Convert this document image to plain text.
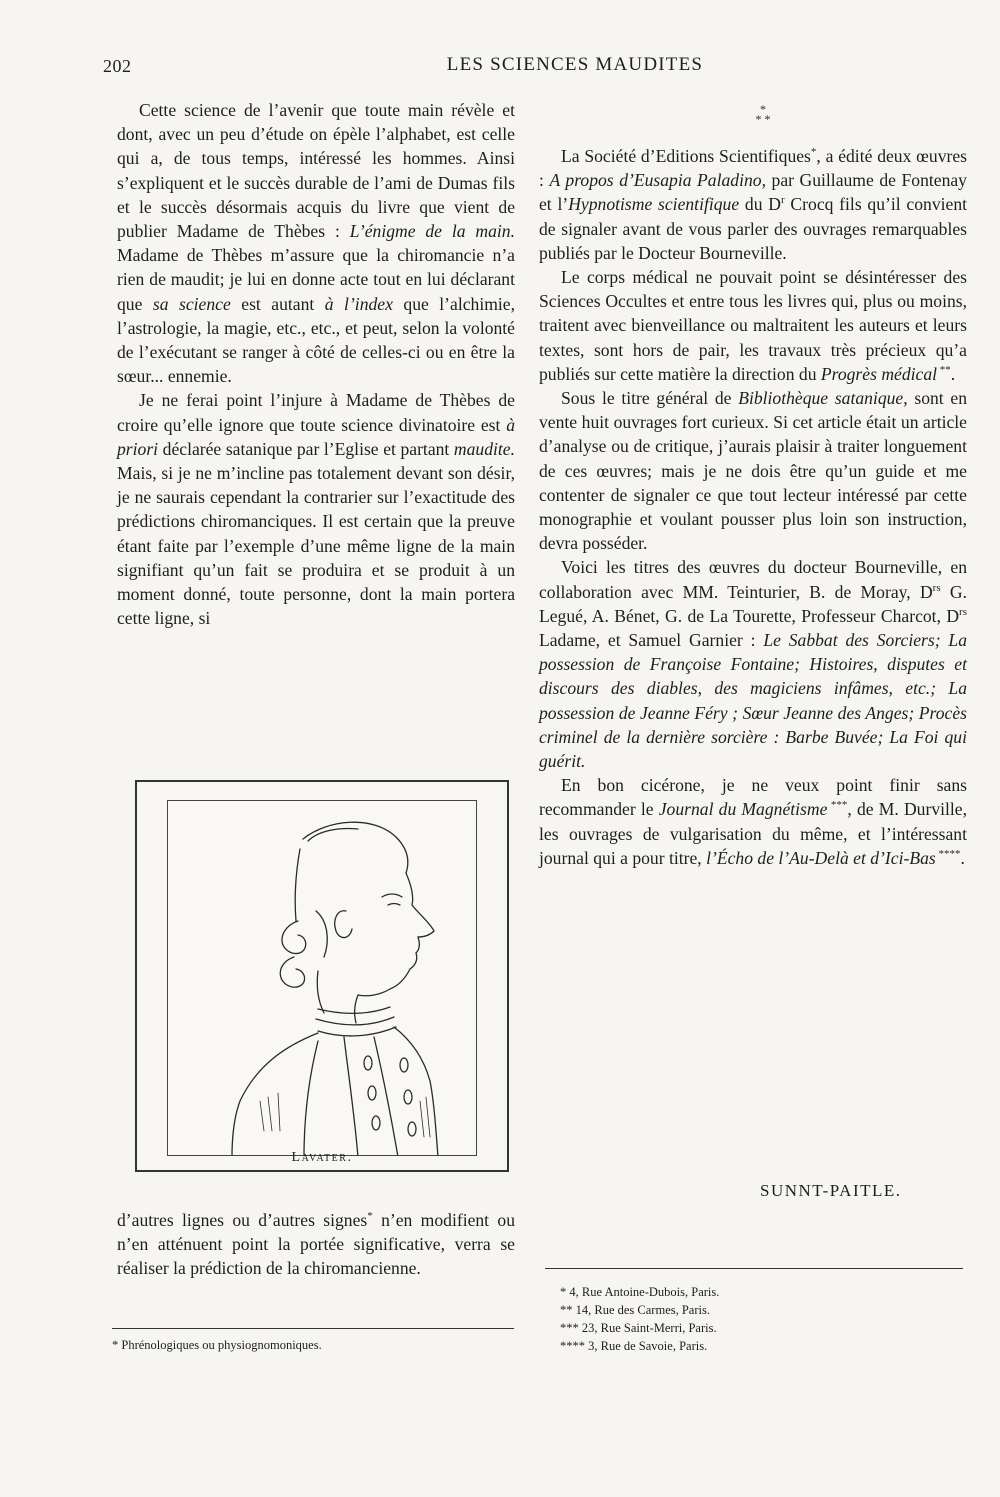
202	LES SCIENCES MAUDITES

Cette science de l’avenir que toute main révèle et dont, avec un peu d’étude on épèle l’alphabet, est celle qui a, de tous temps, intéressé les hommes. Ainsi s’expliquent et le succès durable de l’ami de Dumas fils et le succès désormais acquis du livre que vient de publier Madame de Thèbes : L’énigme de la main. Madame de Thèbes m’assure que la chiromancie n’a rien de maudit; je lui en donne acte tout en lui déclarant que sa science est autant à l’index que l’alchimie, l’astrologie, la magie, etc., etc., et peut, selon la volonté de l’exécutant se ranger à côté de celles-ci ou en être la sœur... ennemie.

Je ne ferai point l’injure à Madame de Thèbes de croire qu’elle ignore que toute science divinatoire est à priori déclarée satanique par l’Eglise et partant maudite. Mais, si je ne m’incline pas totalement devant son désir, je ne saurais cependant la contrarier sur l’exactitude des prédictions chiromanciques. Il est certain que la preuve étant faite par l’exemple d’une même ligne de la main signifiant qu’un fait se produira et se produit à un moment donné, toute personne, dont la main portera cette ligne, si

Lavater.

d’autres lignes ou d’autres signes* n’en modifient ou n’en atténuent point la portée significative, verra se réaliser la prédiction de la chiromancienne.

* Phrénologiques ou physiognomoniques.
*
* *

La Société d’Editions Scientifiques*, a édité deux œuvres : A propos d’Eusapia Paladino, par Guillaume de Fontenay et l’Hypnotisme scientifique du $D^r$ Crocq fils qu’il convient de signaler avant de vous parler des ouvrages remarquables publiés par le Docteur Bourneville.

Le corps médical ne pouvait point se désintéresser des Sciences Occultes et entre tous les livres qui, plus ou moins, traitent avec bienveillance ou maltraitent les auteurs et leurs textes, sont hors de pair, les travaux très précieux qu’a publiés sur cette matière la direction du Progrès médical **.

Sous le titre général de Bibliothèque satanique, sont en vente huit ouvrages fort curieux. Si cet article était un article d’analyse ou de critique, j’aurais plaisir à traiter longuement de ces œuvres; mais je ne dois être qu’un guide et me contenter de signaler ce que tout lecteur intéressé par cette monographie et voulant pousser plus loin son instruction, devra posséder.

Voici les titres des œuvres du docteur Bourneville, en collaboration avec MM. Teinturier, B. de Moray, $D^{rs}$ G. Legué, A. Bénet, G. de La Tourette, Professeur Charcot, $D^{rs}$ Ladame, et Samuel Garnier : Le Sabbat des Sorciers; La possession de Françoise Fontaine; Histoires, disputes et discours des diables, des magiciens infâmes, etc.; La possession de Jeanne Féry ; Sœur Jeanne des Anges; Procès criminel de la dernière sorcière : Barbe Buvée; La Foi qui guérit.

En bon cicérone, je ne veux point finir sans recommander le Journal du Magnétisme ***, de M. Durville, les ouvrages de vulgarisation du même, et l’intéressant journal qui a pour titre, l’Écho de l’Au-Delà et d’Ici-Bas ****.

SUNNT-PAITLE.
* 4, Rue Antoine-Dubois, Paris.
** 14, Rue des Carmes, Paris.
*** 23, Rue Saint-Merri, Paris.
**** 3, Rue de Savoie, Paris.
